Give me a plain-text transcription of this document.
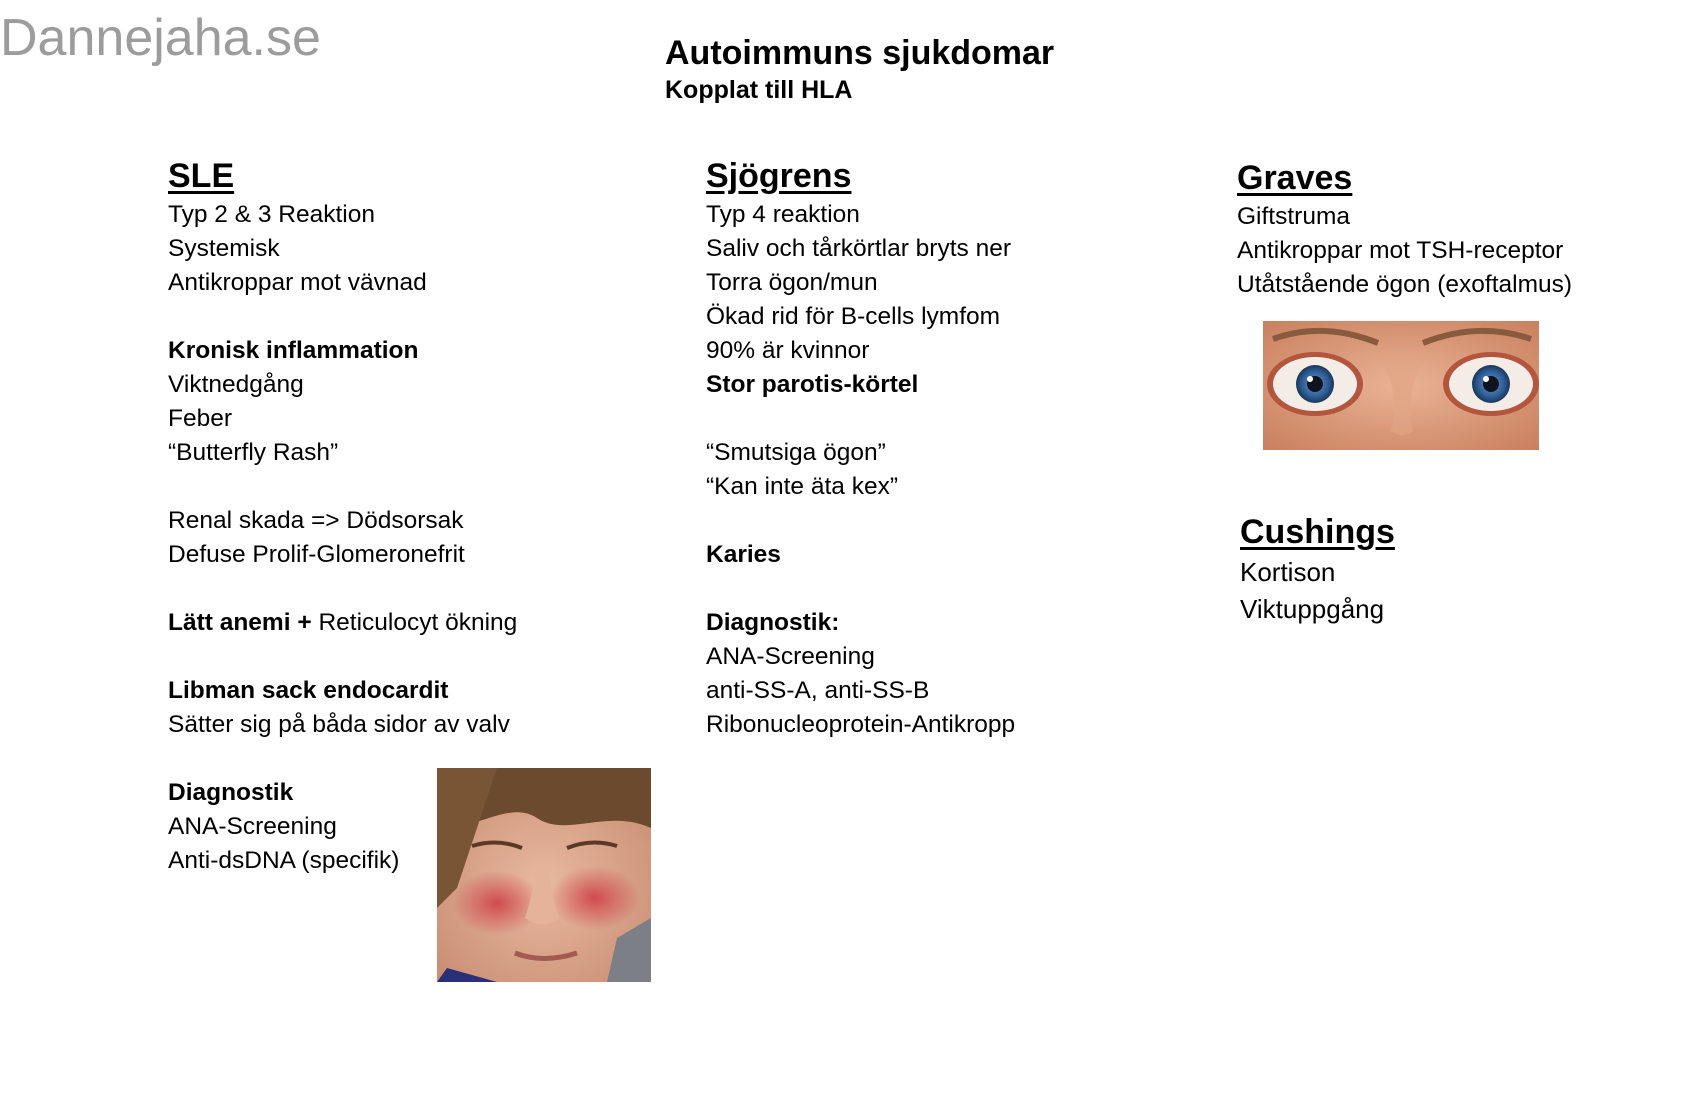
Dannejaha.se	Autoimmuns sjukdomar
Kopplat till HLA
SLE
Typ 2 & 3 Reaktion
Systemisk
Antikroppar mot vävnad
Kronisk inflammation
Viktnedgång
Feber
“Butterfly Rash”
Renal skada => Dödsorsak
Defuse Prolif-Glomeronefrit
Lätt anemi + Reticulocyt ökning
Libman sack endocardit
Sätter sig på båda sidor av valv
Diagnostik
ANA-Screening
Anti-dsDNA (specifik)
Sjögrens
Typ 4 reaktion
Saliv och tårkörtlar bryts ner
Torra ögon/mun
Ökad rid för B-cells lymfom
90% är kvinnor
Stor parotis-körtel
“Smutsiga ögon”
“Kan inte äta kex”
Karies
Diagnostik:
ANA-Screening
anti-SS-A, anti-SS-B
Ribonucleoprotein-Antikropp
Graves
Giftstruma
Antikroppar mot TSH-receptor
Utåtstående ögon (exoftalmus)
Cushings
Kortison
Viktuppgång
